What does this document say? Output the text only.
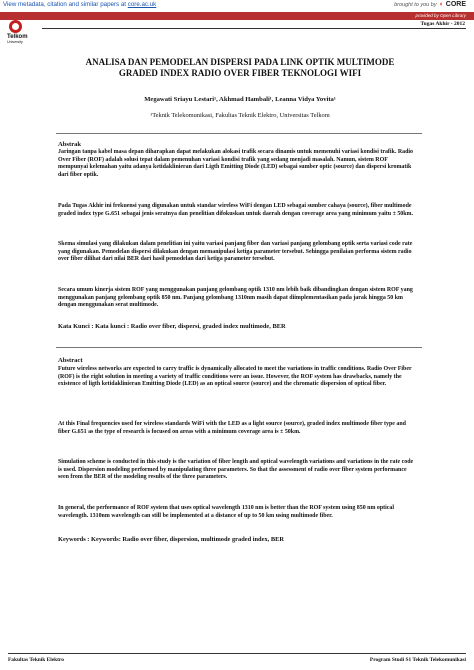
View metadata, citation and similar papers at core.ac.uk	brought to you by ◐ CORE
provided by Open Library
Telkom
University
Tugas Akhir - 2012
ANALISA DAN PEMODELAN DISPERSI PADA LINK OPTIK MULTIMODE
GRADED INDEX RADIO OVER FIBER TEKNOLOGI WIFI
Megawati Sriayu Lestari¹, Akhmad Hambali¹, Leanna Vidya Yovita¹
¹Teknik Telekomunikasi, Fakultas Teknik Elektro, Universitas Telkom
Abstrak
Jaringan tanpa kabel masa depan diharapkan dapat melakukan alokasi trafik secara dinamis untuk memenuhi variasi kondisi trafik. Radio Over Fiber (ROF) adalah solusi tepat dalam pemenuhan variasi kondisi trafik yang sedang menjadi masalah. Namun, sistem ROF mempunyai kelemahan yaitu adanya ketidaklinieran dari Ligth Emitting Diode (LED) sebagai sumber optic (source) dan dispersi kromatik dari fiber optik.
Pada Tugas Akhir ini frekuensi yang digunakan untuk standar wireless WiFi dengan LED sebagai sumber cahaya (source), fiber multimode graded index type G.651 sebagai jenis seratnya dan penelitian difokuskan untuk daerah dengan coverage area yang minimum yaitu ± 50km.
Skema simulasi yang dilakukan dalam penelitian ini yaitu variasi panjang fiber dan variasi panjang gelombang optik serta variasi code rate yang digunakan. Pemodelan dispersi dilakukan dengan memanipulasi ketiga parameter tersebut. Sehingga penilaian performa sistem radio over fiber dilihat dari nilai BER dari hasil pemodelan dari ketiga parameter tersebut.
Secara umum kinerja sistem ROF yang menggunakan panjang gelombang optik 1310 nm lebih baik dibandingkan dengan sistem ROF yang menggunakan panjang gelombang optik 850 nm. Panjang gelombang 1310nm masih dapat diimplementasikan pada jarak hingga 50 km dengan menggunakan serat multimode.
Kata Kunci : Kata kunci : Radio over fiber, dispersi, graded index multimode, BER
Abstract
Future wireless networks are expected to carry traffic is dynamically allocated to meet the variations in traffic conditions. Radio Over Fiber (ROF) is the right solution in meeting a variety of traffic conditions were an issue. However, the ROF system has drawbacks, namely the existence of ligth ketidaklinieran Emitting Diode (LED) as an optical source (source) and the chromatic dispersion of optical fiber.
At this Final frequencies used for wireless standards WiFi with the LED as a light source (source), graded index multimode fiber type and fiber G.651 as the type of research is focused on areas with a minimum coverage area is ± 50km.
Simulation scheme is conducted in this study is the variation of fiber length and optical wavelength variations and variations in the rate code is used. Dispersion modeling performed by manipulating three parameters. So that the assessment of radio over fiber system performance seen from the BER of the modeling results of the three parameters.
In general, the performance of ROF system that uses optical wavelength 1310 nm is better than the ROF system using 850 nm optical wavelength. 1310nm wavelength can still be implemented at a distance of up to 50 km using multimode fiber.
Keywords : Keywords: Radio over fiber, dispersion, multimode graded index, BER
Fakultas Teknik Elektro	Program Studi S1 Teknik Telekomunikasi
